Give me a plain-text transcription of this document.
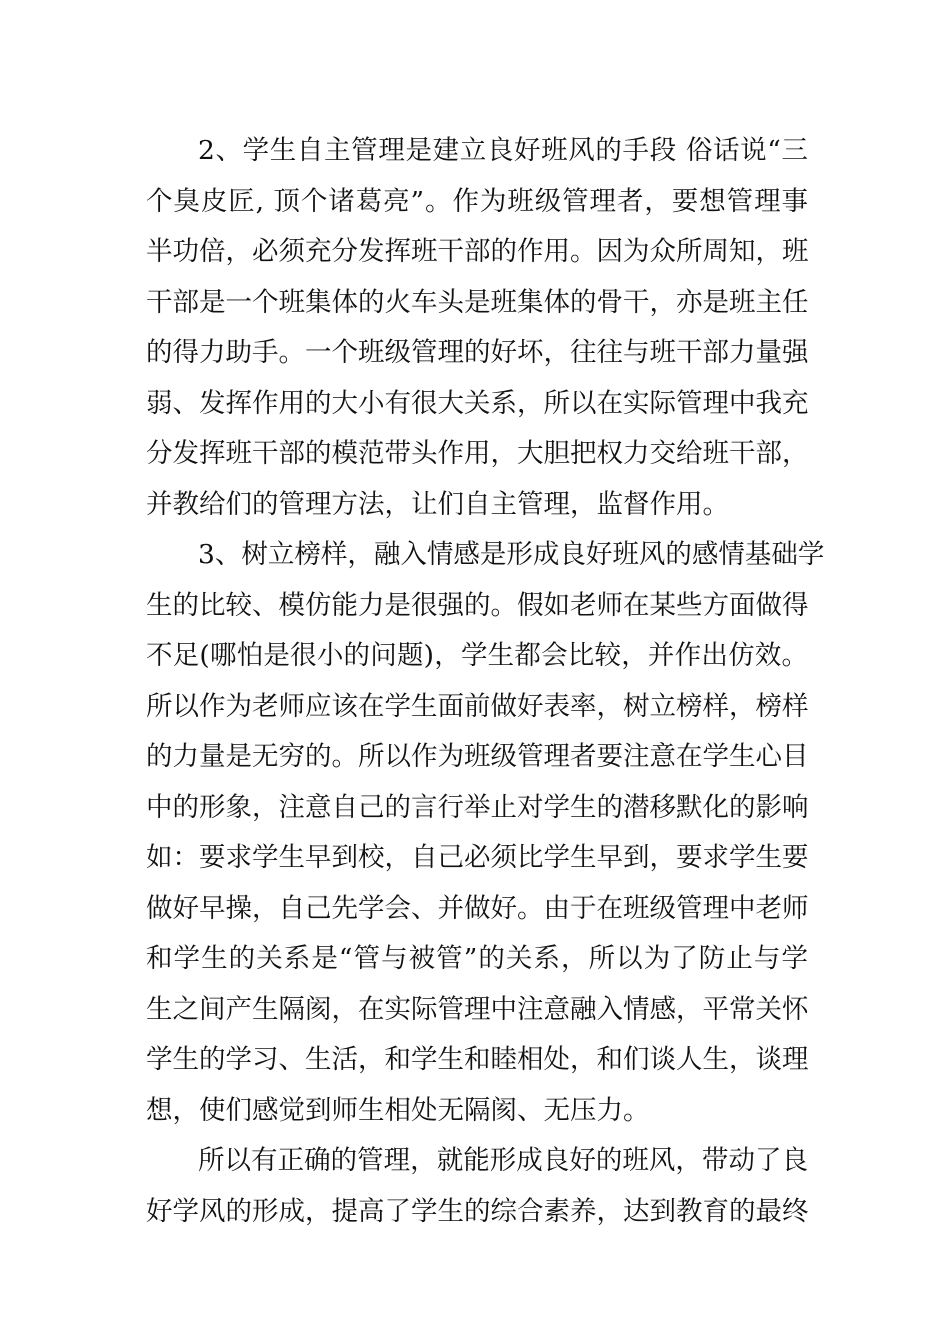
2、学生自主管理是建立良好班风的手段 俗话说“三
个臭皮匠, 顶个诸葛亮”。作为班级管理者，要想管理事
半功倍，必须充分发挥班干部的作用。因为众所周知，班
干部是一个班集体的火车头是班集体的骨干，亦是班主任
的得力助手。一个班级管理的好坏，往往与班干部力量强
弱、发挥作用的大小有很大关系，所以在实际管理中我充
分发挥班干部的模范带头作用，大胆把权力交给班干部，
并教给们的管理方法，让们自主管理，监督作用。
3、树立榜样，融入情感是形成良好班风的感情基础学
生的比较、模仿能力是很强的。假如老师在某些方面做得
不足(哪怕是很小的问题)，学生都会比较，并作出仿效。
所以作为老师应该在学生面前做好表率，树立榜样，榜样
的力量是无穷的。所以作为班级管理者要注意在学生心目
中的形象，注意自己的言行举止对学生的潜移默化的影响
如：要求学生早到校，自己必须比学生早到，要求学生要
做好早操，自己先学会、并做好。由于在班级管理中老师
和学生的关系是“管与被管”的关系，所以为了防止与学
生之间产生隔阂，在实际管理中注意融入情感，平常关怀
学生的学习、生活，和学生和睦相处，和们谈人生，谈理
想，使们感觉到师生相处无隔阂、无压力。
所以有正确的管理，就能形成良好的班风，带动了良
好学风的形成，提高了学生的综合素养，达到教育的最终
